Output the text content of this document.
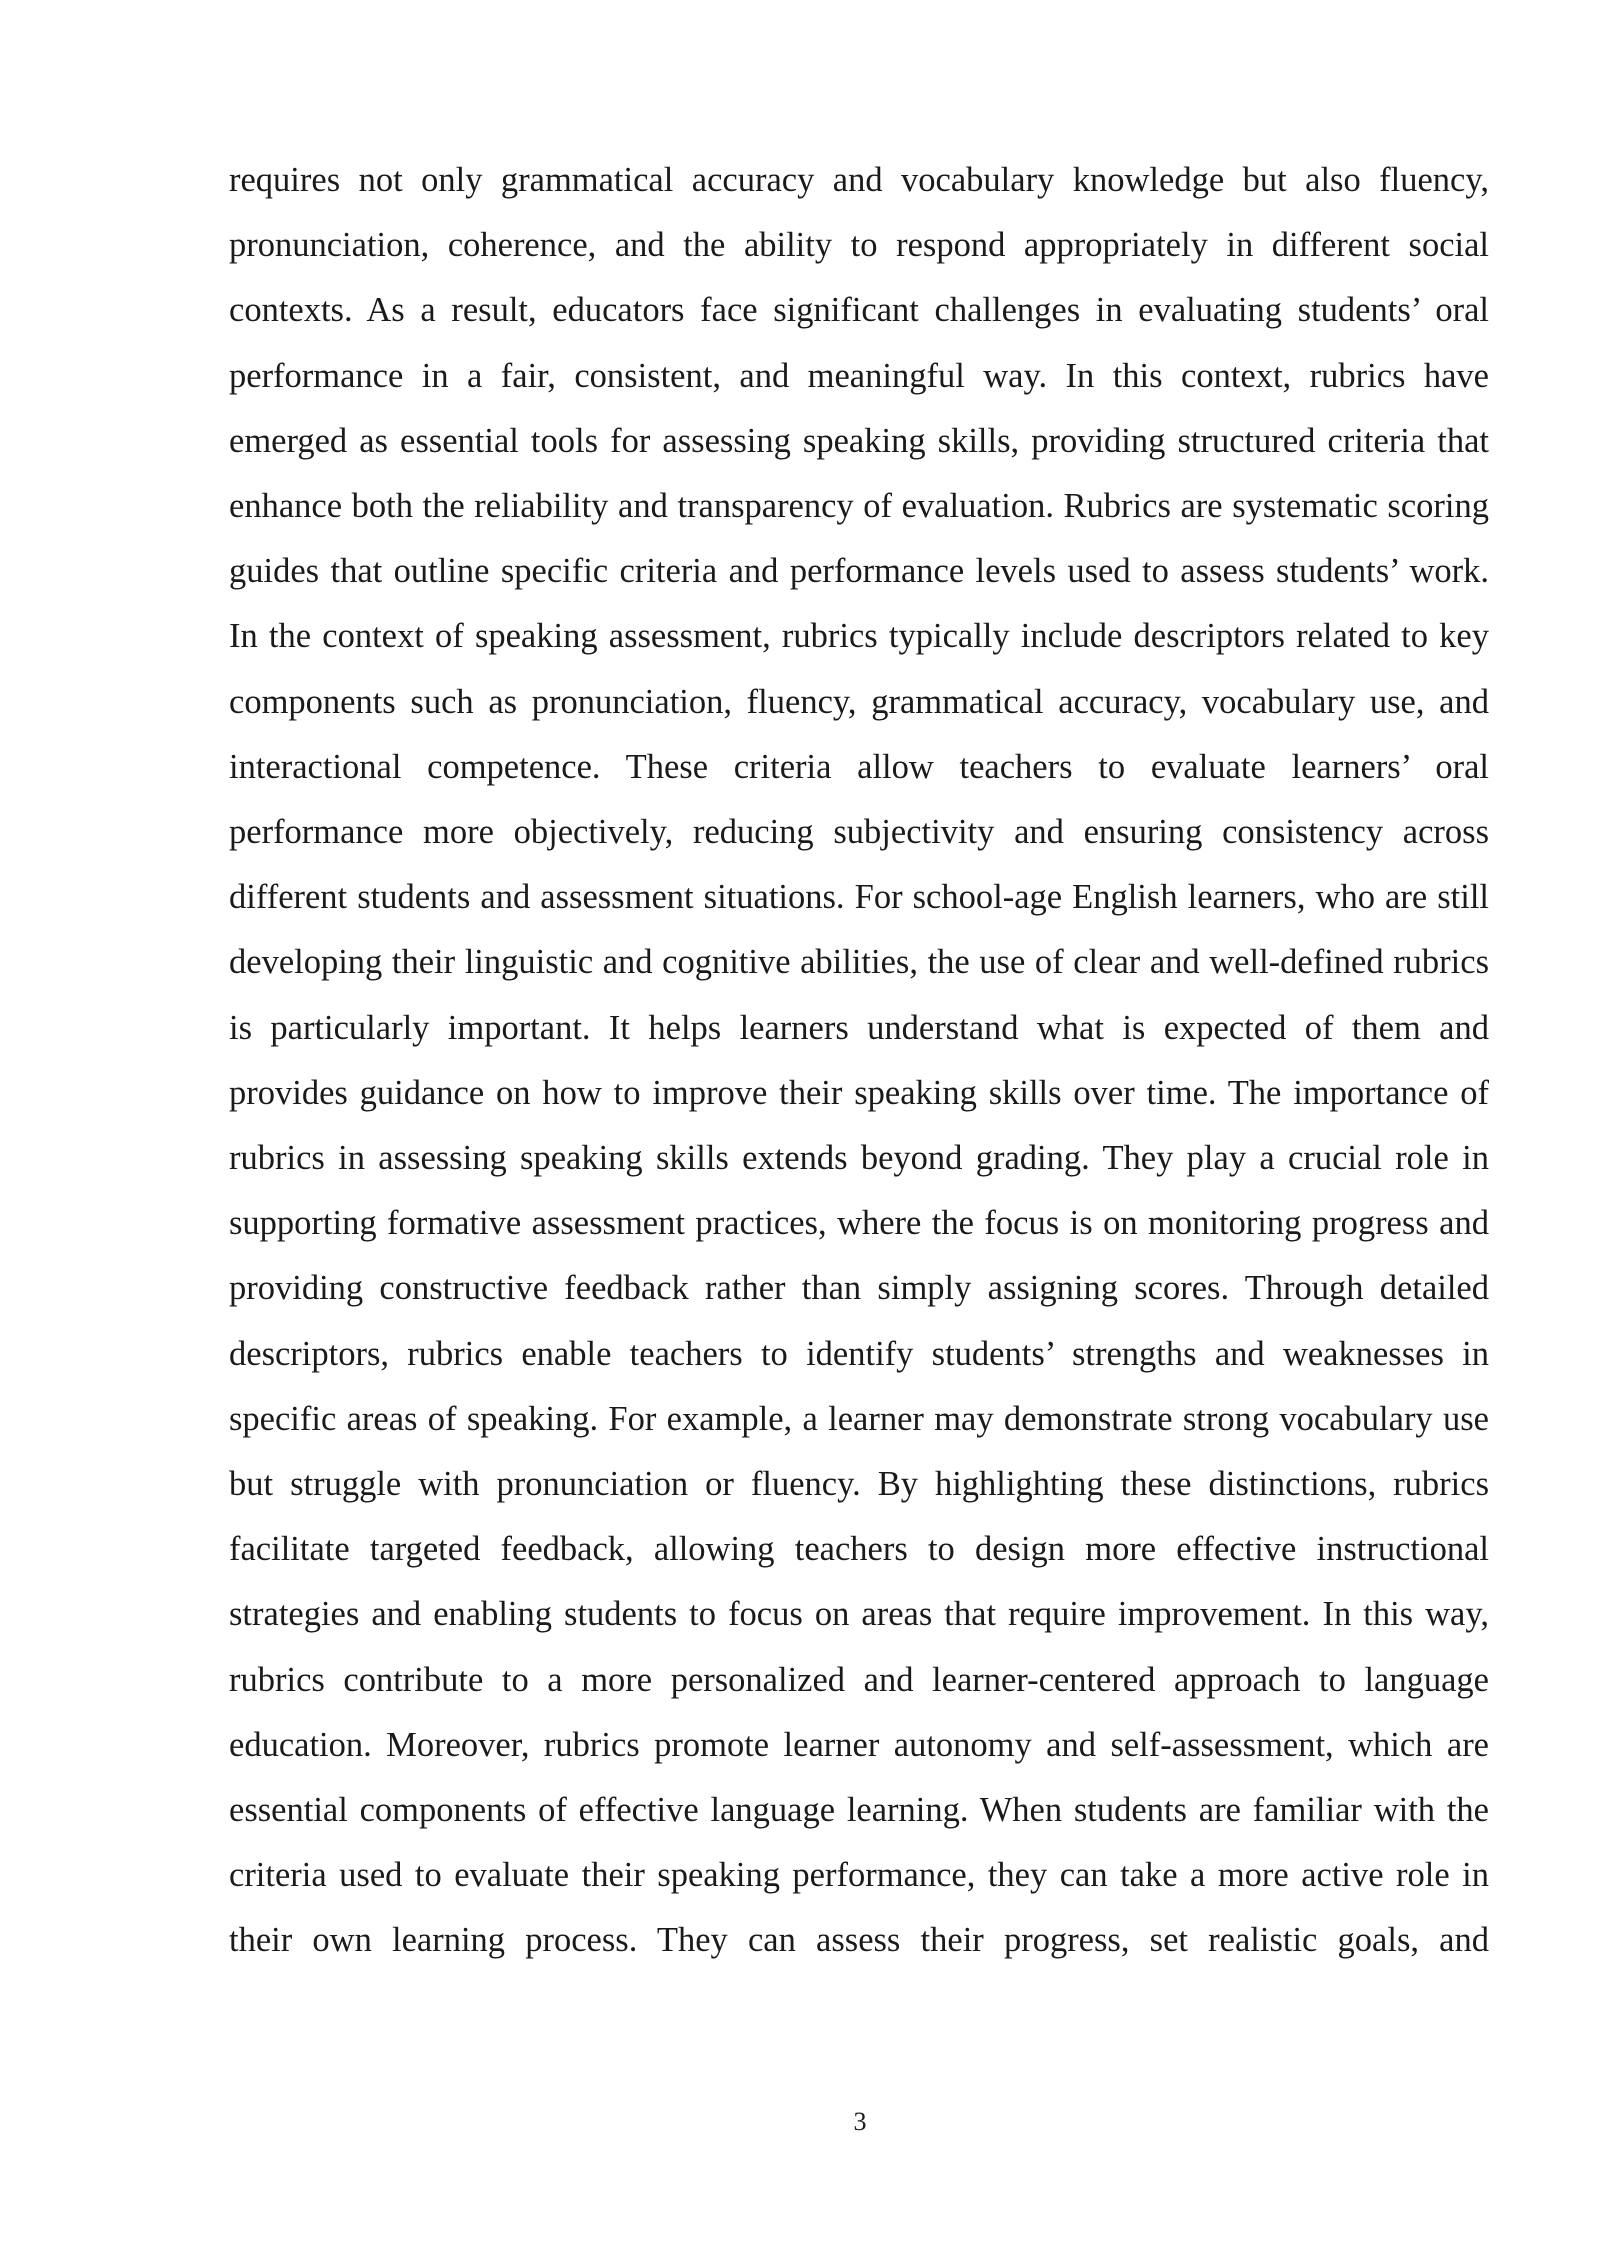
requires not only grammatical accuracy and vocabulary knowledge but also fluency, pronunciation, coherence, and the ability to respond appropriately in different social contexts. As a result, educators face significant challenges in evaluating students’ oral performance in a fair, consistent, and meaningful way. In this context, rubrics have emerged as essential tools for assessing speaking skills, providing structured criteria that enhance both the reliability and transparency of evaluation. Rubrics are systematic scoring guides that outline specific criteria and performance levels used to assess students’ work. In the context of speaking assessment, rubrics typically include descriptors related to key components such as pronunciation, fluency, grammatical accuracy, vocabulary use, and interactional competence. These criteria allow teachers to evaluate learners’ oral performance more objectively, reducing subjectivity and ensuring consistency across different students and assessment situations. For school-age English learners, who are still developing their linguistic and cognitive abilities, the use of clear and well-defined rubrics is particularly important. It helps learners understand what is expected of them and provides guidance on how to improve their speaking skills over time. The importance of rubrics in assessing speaking skills extends beyond grading. They play a crucial role in supporting formative assessment practices, where the focus is on monitoring progress and providing constructive feedback rather than simply assigning scores. Through detailed descriptors, rubrics enable teachers to identify students’ strengths and weaknesses in specific areas of speaking. For example, a learner may demonstrate strong vocabulary use but struggle with pronunciation or fluency. By highlighting these distinctions, rubrics facilitate targeted feedback, allowing teachers to design more effective instructional strategies and enabling students to focus on areas that require improvement. In this way, rubrics contribute to a more personalized and learner-centered approach to language education. Moreover, rubrics promote learner autonomy and self-assessment, which are essential components of effective language learning. When students are familiar with the criteria used to evaluate their speaking performance, they can take a more active role in their own learning process. They can assess their progress, set realistic goals, and

3
